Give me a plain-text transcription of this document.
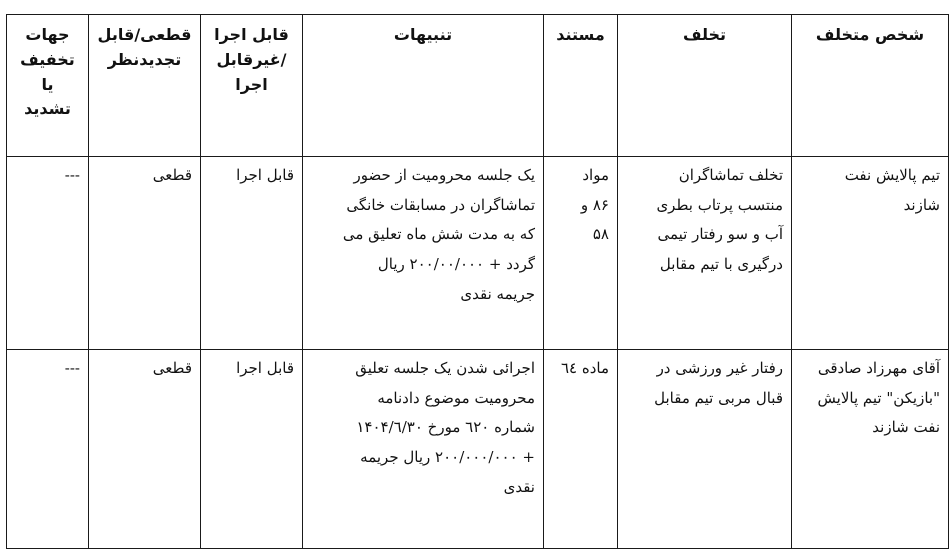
شخص متخلف	تخلف	مستند	تنبیهات	قابل اجرا
/غیرقابل
اجرا	قطعی/قابل
تجدیدنظر	جهات
تخفیف
یا
تشدید

تیم پالایش نفت
شازند	تخلف تماشاگران
منتسب پرتاب بطری
آب و سو رفتار تیمی
درگیری با تیم مقابل	مواد
۸۶ و
۵۸	یک جلسه محرومیت از حضور
تماشاگران در مسابقات خانگی
که به مدت شش ماه تعلیق می
گردد + ۲۰۰/۰۰/۰۰۰ ریال
جریمه نقدی	قابل اجرا	قطعی	---

آقای مهرزاد صادقی
"بازیکن" تیم پالایش
نفت شازند	رفتار غیر ورزشی در
قبال مربی تیم مقابل	ماده ٦٤	اجرائی شدن یک جلسه تعلیق
محرومیت موضوع دادنامه
شماره ٦۲۰ مورخ ۱۴۰۴/٦/۳۰
+ ۲۰۰/۰۰۰/۰۰۰ ریال جریمه
نقدی	قابل اجرا	قطعی	---
